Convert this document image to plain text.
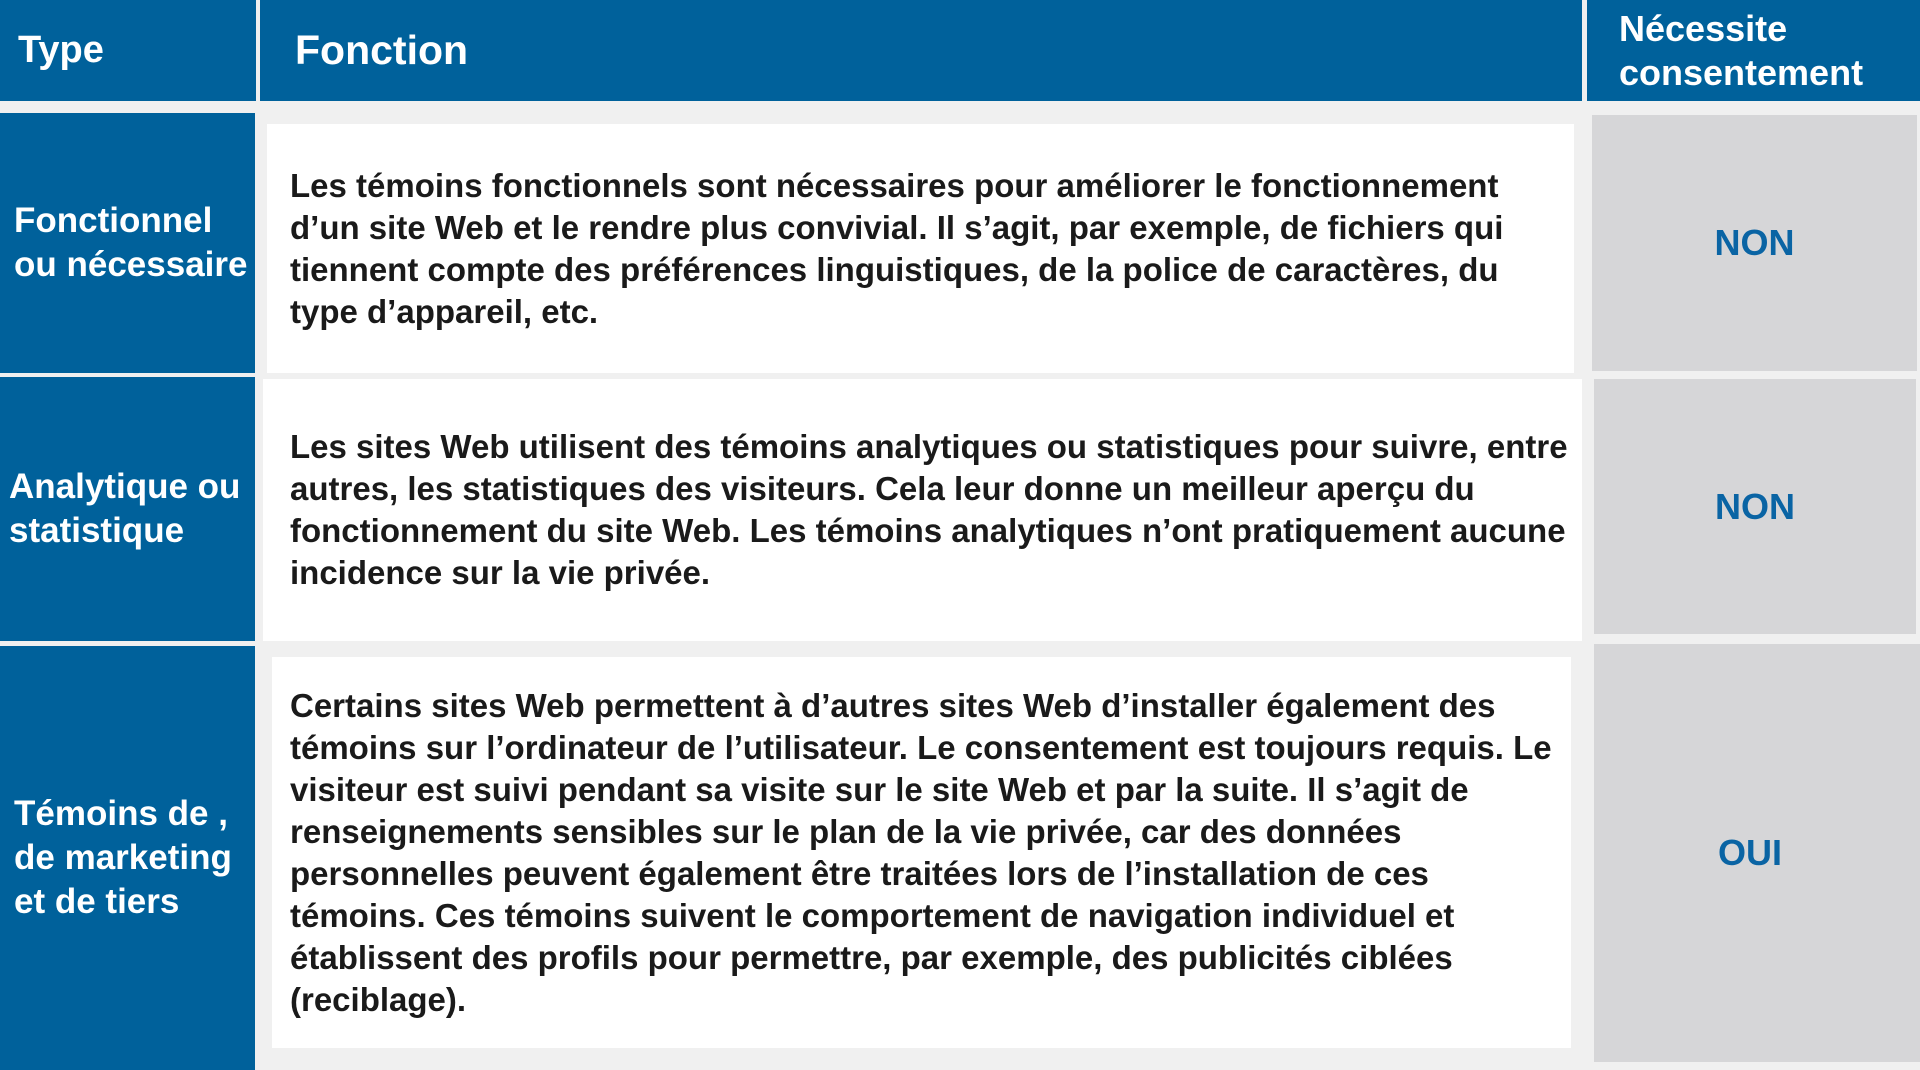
Type	Fonction	Nécessite consentement
Fonctionnel ou nécessaire
Les témoins fonctionnels sont nécessaires pour améliorer le fonctionnement d’un site Web et le rendre plus convivial. Il s’agit, par exemple, de fichiers qui tiennent compte des préférences linguistiques, de la police de caractères, du type d’appareil, etc.
NON
Analytique ou statistique
Les sites Web utilisent des témoins analytiques ou statistiques pour suivre, entre autres, les statistiques des visiteurs. Cela leur donne un meilleur aperçu du fonctionnement du site Web. Les témoins analytiques n’ont pratiquement aucune incidence sur la vie privée.
NON
Témoins de , de marketing et de tiers
Certains sites Web permettent à d’autres sites Web d’installer également des témoins sur l’ordinateur de l’utilisateur. Le consentement est toujours requis. Le visiteur est suivi pendant sa visite sur le site Web et par la suite. Il s’agit de renseignements sensibles sur le plan de la vie privée, car des données personnelles peuvent également être traitées lors de l’installation de ces témoins. Ces témoins suivent le comportement de navigation individuel et établissent des profils pour permettre, par exemple, des publicités ciblées (reciblage).
OUI
